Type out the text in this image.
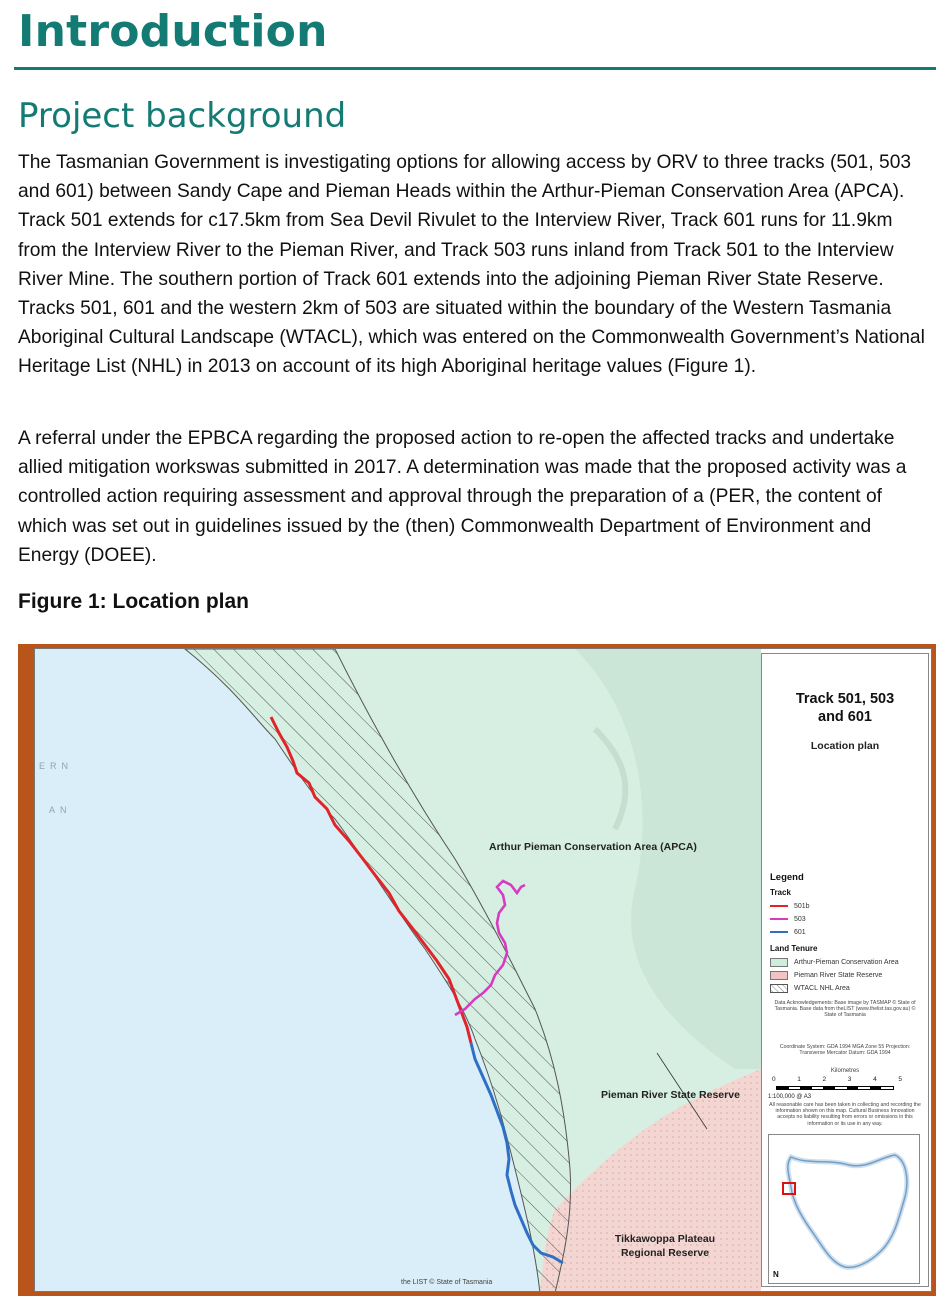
Introduction
Project background

The Tasmanian Government is investigating options for allowing access by ORV to three tracks (501, 503 and 601) between Sandy Cape and Pieman Heads within the Arthur-Pieman Conservation Area (APCA). Track 501 extends for c17.5km from Sea Devil Rivulet to the Interview River, Track 601 runs for 11.9km from the Interview River to the Pieman River, and Track 503 runs inland from Track 501 to the Interview River Mine. The southern portion of Track 601 extends into the adjoining Pieman River State Reserve. Tracks 501, 601 and the western 2km of 503 are situated within the boundary of the Western Tasmania Aboriginal Cultural Landscape (WTACL), which was entered on the Commonwealth Government’s National Heritage List (NHL) in 2013 on account of its high Aboriginal heritage values (Figure 1).

A referral under the EPBCA regarding the proposed action to re-open the affected tracks and undertake allied mitigation workswas submitted in 2017. A determination was made that the proposed activity was a controlled action requiring assessment and approval through the preparation of a (PER, the content of which was set out in guidelines issued by the (then) Commonwealth Department of Environment and Energy (DOEE).

Figure 1: Location plan

ERN
AN
Arthur Pieman Conservation Area (APCA)
Pieman River State Reserve
Tikkawoppa Plateau
Regional Reserve
the LIST © State of Tasmania
Track 501, 503
and 601
Location plan
Legend
Track
501b
503
601
Land Tenure
Arthur-Pieman Conservation Area
Pieman River State Reserve
WTACL NHL Area
Data Acknowledgements: Base image by TASMAP © State of Tasmania. Base data from theLIST (www.thelist.tas.gov.au) © State of Tasmania
Coordinate System: GDA 1994 MGA Zone 55 Projection: Transverse Mercator Datum: GDA 1994
Kilometres
0	1	2	3	4	5
1:100,000 @ A3
All reasonable care has been taken in collecting and recording the information shown on this map. Cultural Business Innovation accepts no liability resulting from errors or omissions in this information or its use in any way.
N
